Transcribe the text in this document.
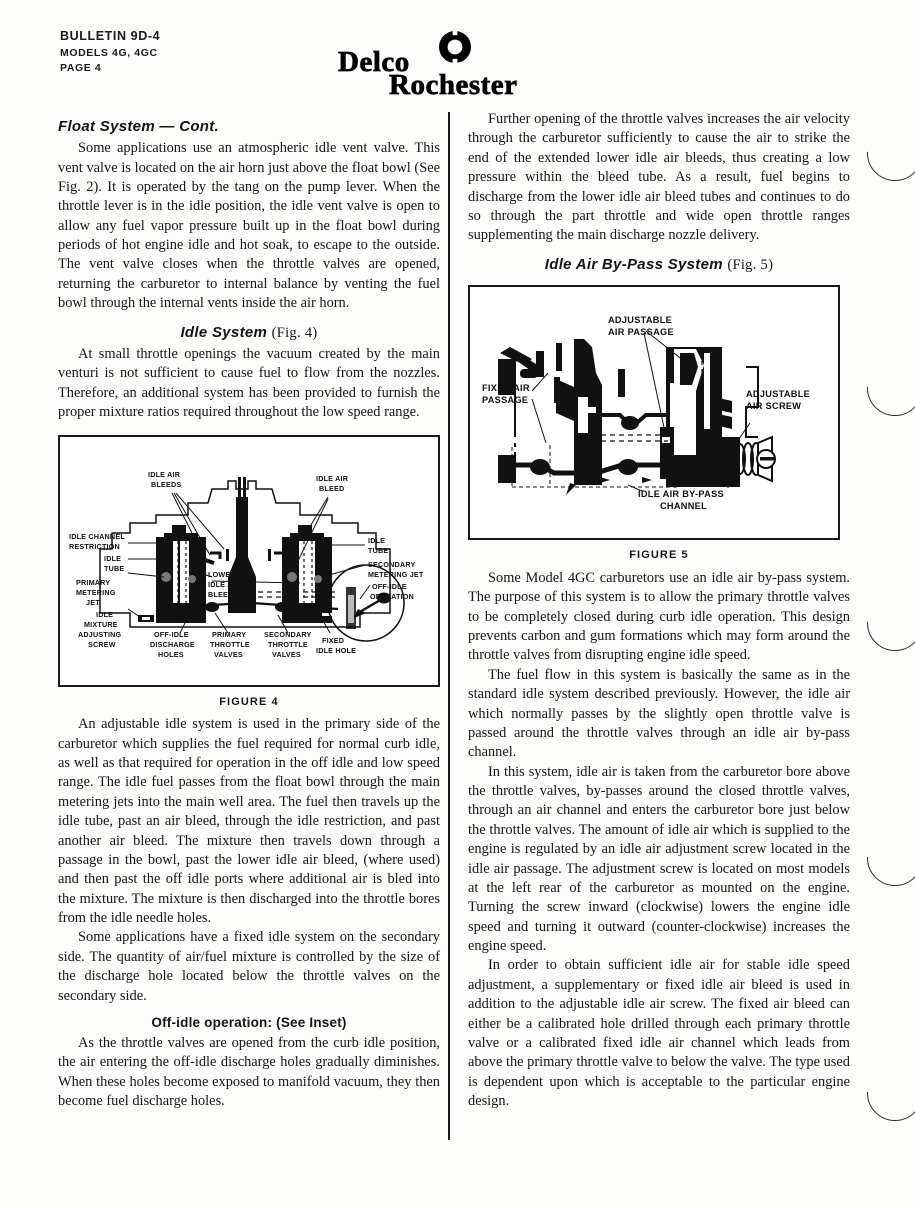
BULLETIN 9D-4
MODELS 4G, 4GC
PAGE 4	Delco
Rochester
Float System — Cont.

Some applications use an atmospheric idle vent valve. This vent valve is located on the air horn just above the float bowl (See Fig. 2). It is operated by the tang on the pump lever. When the throttle lever is in the idle position, the idle vent valve is open to allow any fuel vapor pressure built up in the float bowl during periods of hot engine idle and hot soak, to escape to the outside. The vent valve closes when the throttle valves are opened, returning the carburetor to internal balance by venting the fuel bowl through the internal vents inside the air horn.

Idle System (Fig. 4)

At small throttle openings the vacuum created by the main venturi is not sufficient to cause fuel to flow from the nozzles. Therefore, an additional system has been provided to furnish the proper mixture ratios required throughout the low speed range.

IDLE AIR
BLEEDS
IDLE AIR
BLEED
IDLE CHANNEL
RESTRICTION
IDLE
TUBE
PRIMARY
METERING
JET
IDLE
MIXTURE
ADJUSTING
SCREW
LOWER
IDLE AIR
BLEEDS
IDLE
TUBE
SECONDARY
METERING JET
OFF-IDLE
OPERATION
OFF-IDLE
DISCHARGE
HOLES
PRIMARY
THROTTLE
VALVES
SECONDARY
THROTTLE
VALVES
FIXED
IDLE HOLE
FIGURE 4

An adjustable idle system is used in the primary side of the carburetor which supplies the fuel required for normal curb idle, as well as that required for operation in the off idle and low speed range. The idle fuel passes from the float bowl through the main metering jets into the main well area. The fuel then travels up the idle tube, past an air bleed, through the idle restriction, and past another air bleed. The mixture then travels down through a passage in the bowl, past the lower idle air bleed, (where used) and then past the off idle ports where additional air is bled into the mixture. The mixture is then discharged into the throttle bores from the idle needle holes.

Some applications have a fixed idle system on the secondary side. The quantity of air/fuel mixture is controlled by the size of the discharge hole located below the throttle valves on the secondary side.

Off-idle operation: (See Inset)

As the throttle valves are opened from the curb idle position, the air entering the off-idle discharge holes gradually diminishes. When these holes become exposed to manifold vacuum, they then become fuel discharge holes.

Further opening of the throttle valves increases the air velocity through the carburetor sufficiently to cause the air to strike the end of the extended lower idle air bleeds, thus creating a low pressure within the bleed tube. As a result, fuel begins to discharge from the lower idle air bleed tubes and continues to do so through the part throttle and wide open throttle ranges supplementing the main discharge nozzle delivery.

Idle Air By-Pass System (Fig. 5)
ADJUSTABLE
AIR PASSAGE
FIXED AIR
PASSAGE
ADJUSTABLE
AIR SCREW
IDLE AIR BY-PASS
CHANNEL
FIGURE 5

Some Model 4GC carburetors use an idle air by-pass system. The purpose of this system is to allow the primary throttle valves to be completely closed during curb idle operation. This design prevents carbon and gum formations which may form around the throttle valves from disrupting engine idle speed.

The fuel flow in this system is basically the same as in the standard idle system described previously. However, the idle air which normally passes by the slightly open throttle valve is passed around the throttle valves through an idle air by-pass channel.

In this system, idle air is taken from the carburetor bore above the throttle valves, by-passes around the closed throttle valves, through an air channel and enters the carburetor bore just below the throttle valves. The amount of idle air which is supplied to the engine is regulated by an idle air adjustment screw located in the idle air passage. The adjustment screw is located on most models at the left rear of the carburetor as mounted on the engine. Turning the screw inward (clockwise) lowers the engine idle speed and turning it outward (counter-clockwise) increases the engine speed.

In order to obtain sufficient idle air for stable idle speed adjustment, a supplementary or fixed idle air bleed is used in addition to the adjustable idle air screw. The fixed air bleed can either be a calibrated hole drilled through each primary throttle valve or a calibrated fixed idle air channel which leads from above the primary throttle valve to below the valve. The type used is dependent upon which is acceptable to the particular engine design.
